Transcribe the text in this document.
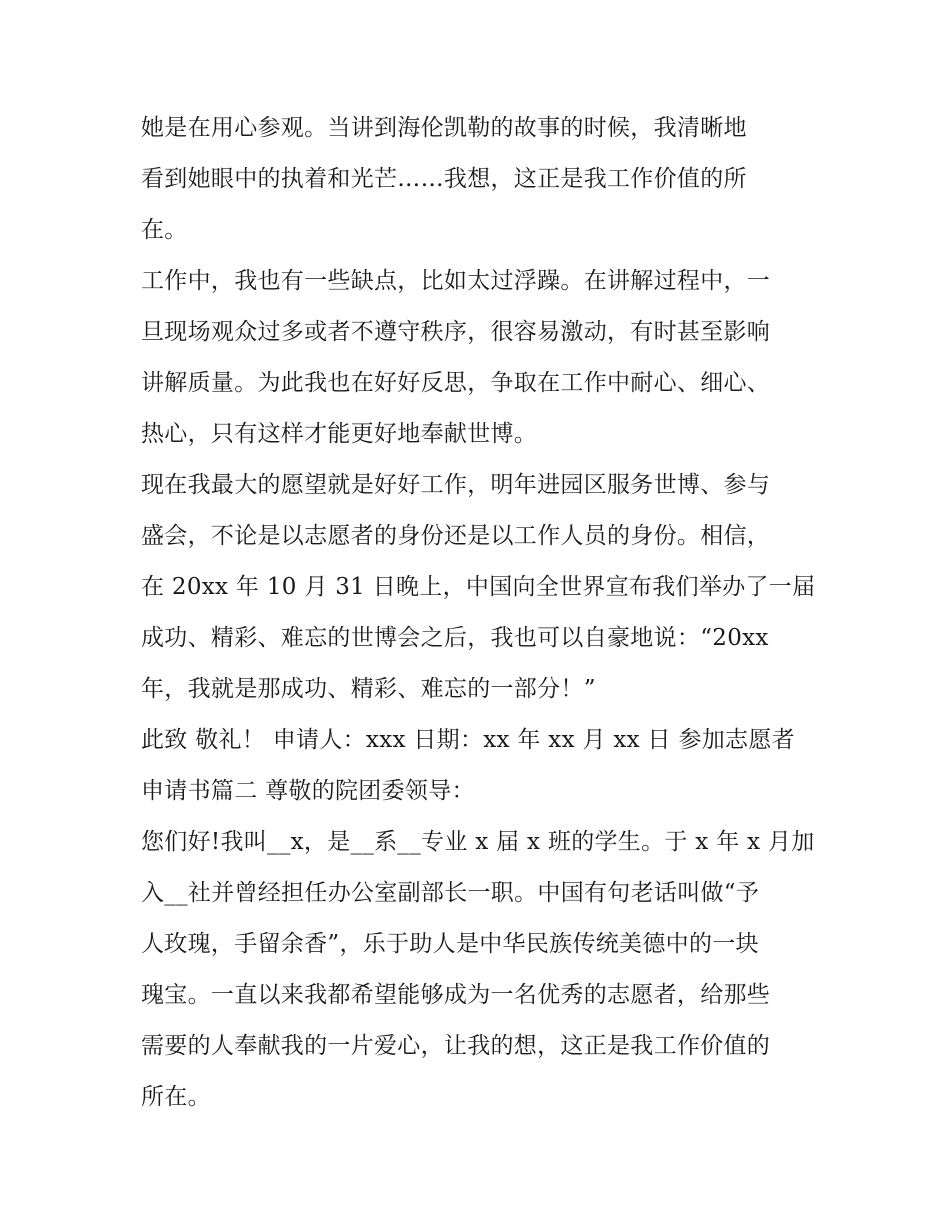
她是在用心参观。当讲到海伦凯勒的故事的时候，我清晰地
看到她眼中的执着和光芒……我想，这正是我工作价值的所
在。
工作中，我也有一些缺点，比如太过浮躁。在讲解过程中，一
旦现场观众过多或者不遵守秩序，很容易激动，有时甚至影响
讲解质量。为此我也在好好反思，争取在工作中耐心、细心、
热心，只有这样才能更好地奉献世博。
现在我最大的愿望就是好好工作，明年进园区服务世博、参与
盛会，不论是以志愿者的身份还是以工作人员的身份。相信，
在 20xx 年 10 月 31 日晚上，中国向全世界宣布我们举办了一届
成功、精彩、难忘的世博会之后，我也可以自豪地说：“20xx
年，我就是那成功、精彩、难忘的一部分！”
此致 敬礼！ 申请人：xxx 日期：xx 年 xx 月 xx 日 参加志愿者
申请书篇二 尊敬的院团委领导：
您们好!我叫__x，是__系__专业 x 届 x 班的学生。于 x 年 x 月加
入__社并曾经担任办公室副部长一职。中国有句老话叫做“予
人玫瑰，手留余香”，乐于助人是中华民族传统美德中的一块
瑰宝。一直以来我都希望能够成为一名优秀的志愿者，给那些
需要的人奉献我的一片爱心，让我的想，这正是我工作价值的
所在。
